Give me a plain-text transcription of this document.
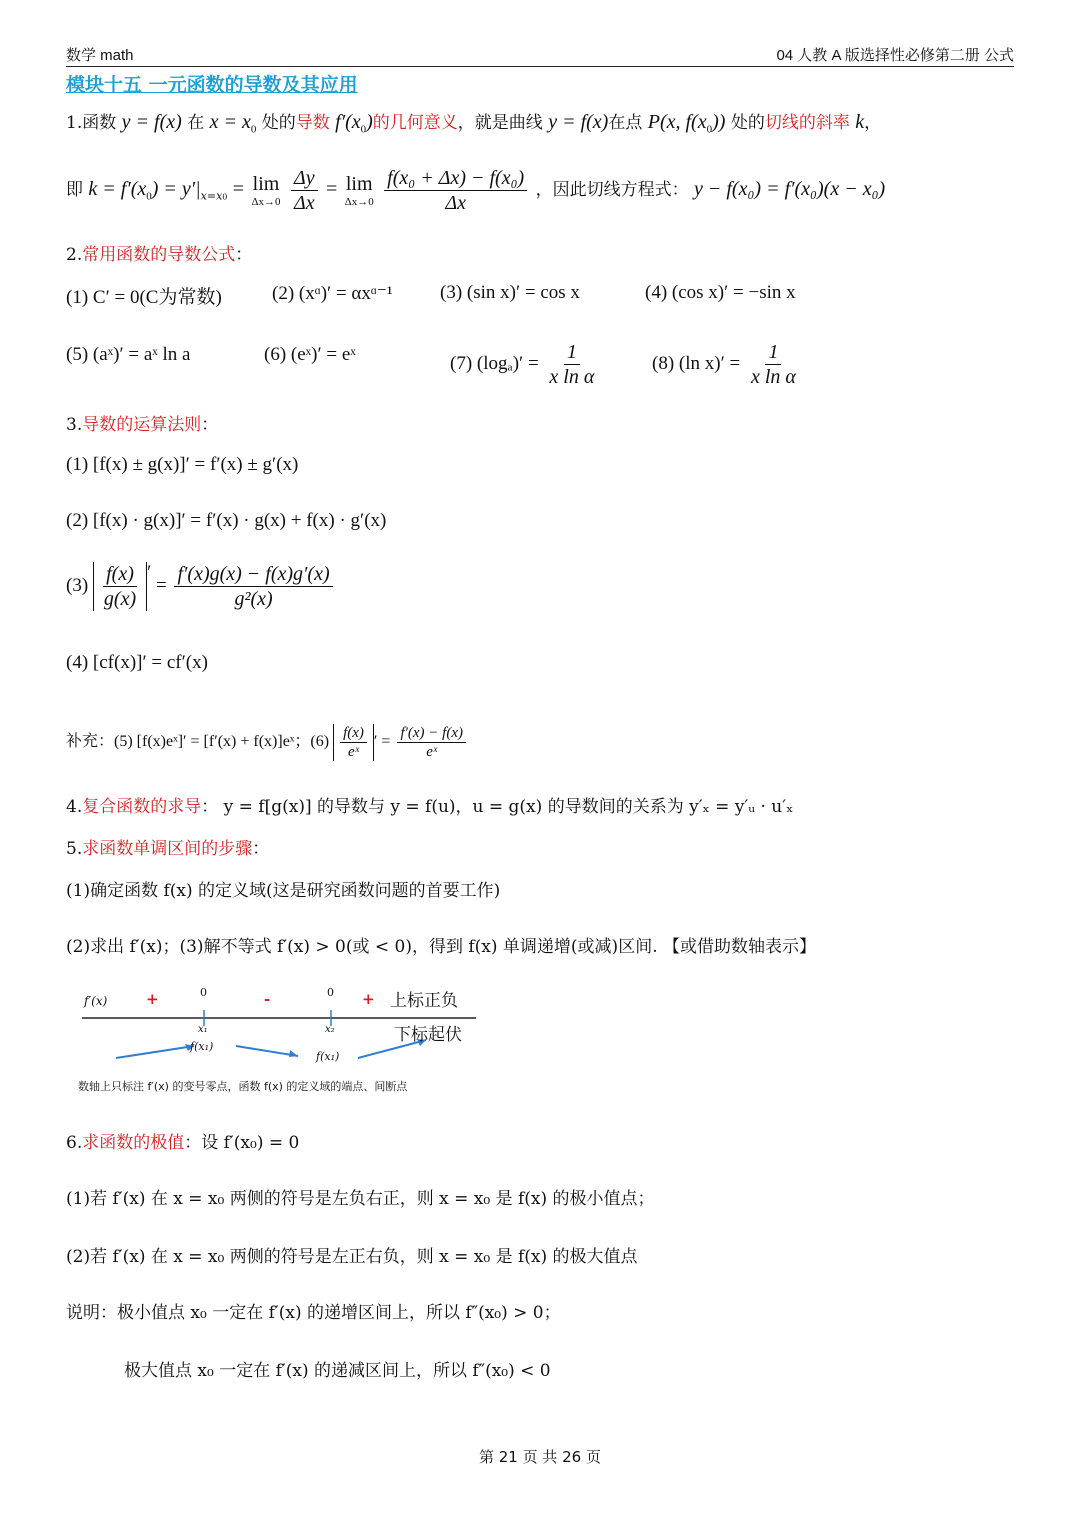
数学 math	04 人教 A 版选择性必修第二册 公式
模块十五 一元函数的导数及其应用
1.函数 y = f(x) 在 $x = x_0$ 处的导数 $f'(x_0)$的几何意义，就是曲线 y = f(x)在点 P(x, $f(x_0)$) 处的切线的斜率 k，
即 $k = f'(x_0) = y'|_{x=x0} = \lim$
Δx→0
$\frac{\Delta y}{\Delta x} = \lim$
Δx→0
$\frac{\text{f(x₀ + Δx) − f(x₀)}}{\Delta x}$ ，因此切线方程式： y − f(x₀) = f′(x₀)(x − x₀)
2.常用函数的导数公式：
(1) C′ = 0(C为常数)	(2) (xᵅ)′ = αxᵅ⁻¹ (3) (sin x)′ = cos x	(4) (cos x)′ = −sin x
(5) (aˣ)′ = aˣ ln a	(6) (eˣ)′ = eˣ	(7) $(\log_a)' = \frac{1}{\text{x ln α}}$	(8) (ln $x)' = \frac{1}{\text{x ln α}}$
3.导数的运算法则：
(1) [f(x) ± g(x)]′ = f′(x) ± g′(x)
(2) [f(x) · g(x)]′ = f′(x) · g(x) + f(x) · g′(x)
$(3) \frac{f(x)}{g(x)}$ ′ = $\frac{f'(x)g(x) - f(x)g'(x)}{\text{g²(x)}}$
(4) [cf(x)]′ = cf′(x)
补充：(5) [f(x)eˣ]′ = [f′(x) + f(x)]eˣ；$(6) \frac{f(x)}{\text{eˣ}}$ ′ = $\frac{f'(x) - f(x)}{\text{eˣ}}$
4.复合函数的求导： y = f[g(x)] 的导数与 y = f(u)，u = g(x) 的导数间的关系为 y′ₓ = y′ᵤ · u′ₓ
5.求函数单调区间的步骤：
(1)确定函数 f(x) 的定义域(这是研究函数问题的首要工作)
(2)求出 f′(x)；(3)解不等式 f′(x) > 0(或 < 0)，得到 f(x) 单调递增(或减)区间. 【或借助数轴表示】
f′(x)	+	0	-	0 + 上标正负
下标起伏
x₁	x₂
f(x₁)
f(x₁)
数轴上只标注 f′(x) 的变号零点，函数 f(x) 的定义域的端点、间断点
6.求函数的极值：设 f′(x₀) = 0
(1)若 f′(x) 在 x = x₀ 两侧的符号是左负右正，则 x = x₀ 是 f(x) 的极小值点；
(2)若 f′(x) 在 x = x₀ 两侧的符号是左正右负，则 x = x₀ 是 f(x) 的极大值点
说明：极小值点 x₀ 一定在 f′(x) 的递增区间上，所以 f″(x₀) > 0；
极大值点 x₀ 一定在 f′(x) 的递减区间上，所以 f″(x₀) < 0
第 21 页 共 26 页
